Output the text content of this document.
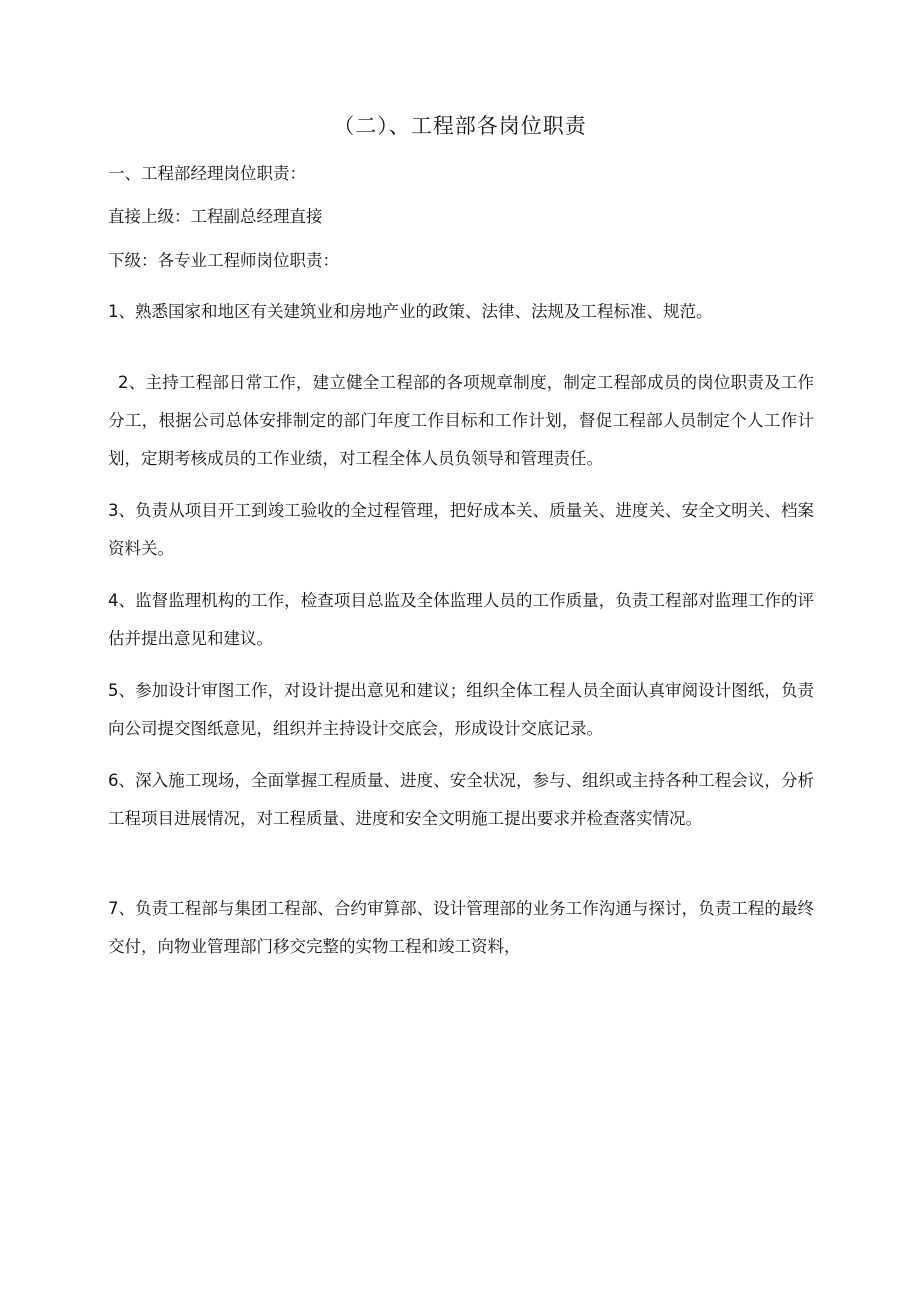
（二）、工程部各岗位职责
一、工程部经理岗位职责：
直接上级：工程副总经理直接
下级：各专业工程师岗位职责：
1、熟悉国家和地区有关建筑业和房地产业的政策、法律、法规及工程标准、规范。
2、主持工程部日常工作，建立健全工程部的各项规章制度，制定工程部成员的岗位职责及工作分工，根据公司总体安排制定的部门年度工作目标和工作计划，督促工程部人员制定个人工作计划，定期考核成员的工作业绩，对工程全体人员负领导和管理责任。
3、负责从项目开工到竣工验收的全过程管理，把好成本关、质量关、进度关、安全文明关、档案资料关。
4、监督监理机构的工作，检查项目总监及全体监理人员的工作质量，负责工程部对监理工作的评估并提出意见和建议。
5、参加设计审图工作，对设计提出意见和建议；组织全体工程人员全面认真审阅设计图纸，负责向公司提交图纸意见，组织并主持设计交底会，形成设计交底记录。
6、深入施工现场，全面掌握工程质量、进度、安全状况，参与、组织或主持各种工程会议，分析工程项目进展情况，对工程质量、进度和安全文明施工提出要求并检查落实情况。
7、负责工程部与集团工程部、合约审算部、设计管理部的业务工作沟通与探讨，负责工程的最终交付，向物业管理部门移交完整的实物工程和竣工资料，
